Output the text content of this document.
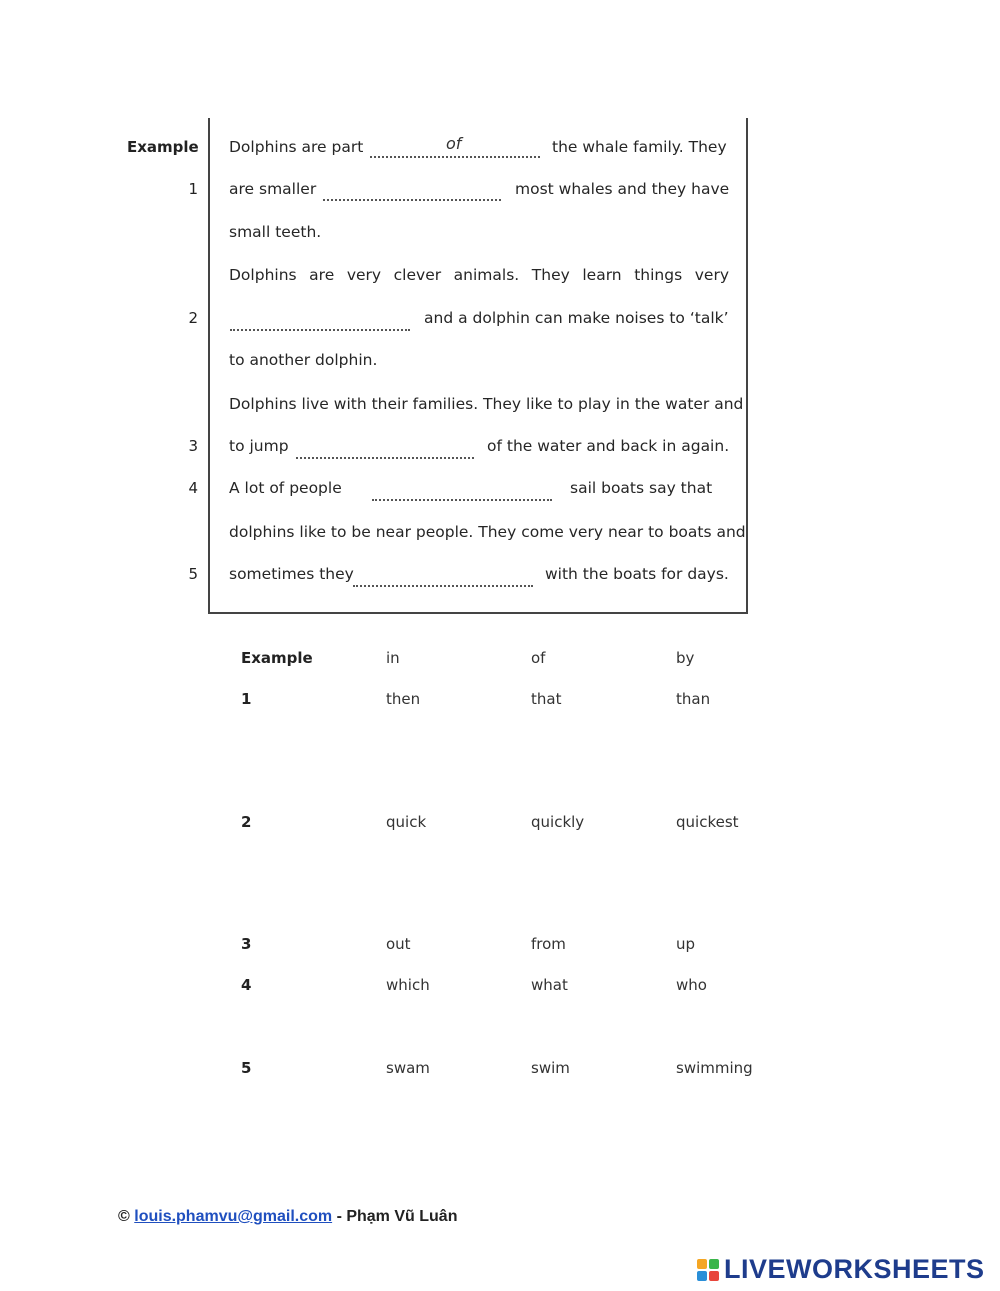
Example Dolphins are part	of	the whale family. They
1 are smaller	most whales and they have
small teeth.
Dolphins are very clever animals. They learn things very
2	and a dolphin can make noises to ‘talk’
to another dolphin.
Dolphins live with their families. They like to play in the water and
3 to jump	of the water and back in again.
4 A lot of people	sail boats say that
dolphins like to be near people. They come very near to boats and
5 sometimes they	with the boats for days.
Example	in	of	by
1	then	that	than
2	quick	quickly	quickest
3	out	from	up
4	which	what	who
5	swam	swim	swimming
© louis.phamvu@gmail.com - Phạm Vũ Luân
LIVEWORKSHEETS
